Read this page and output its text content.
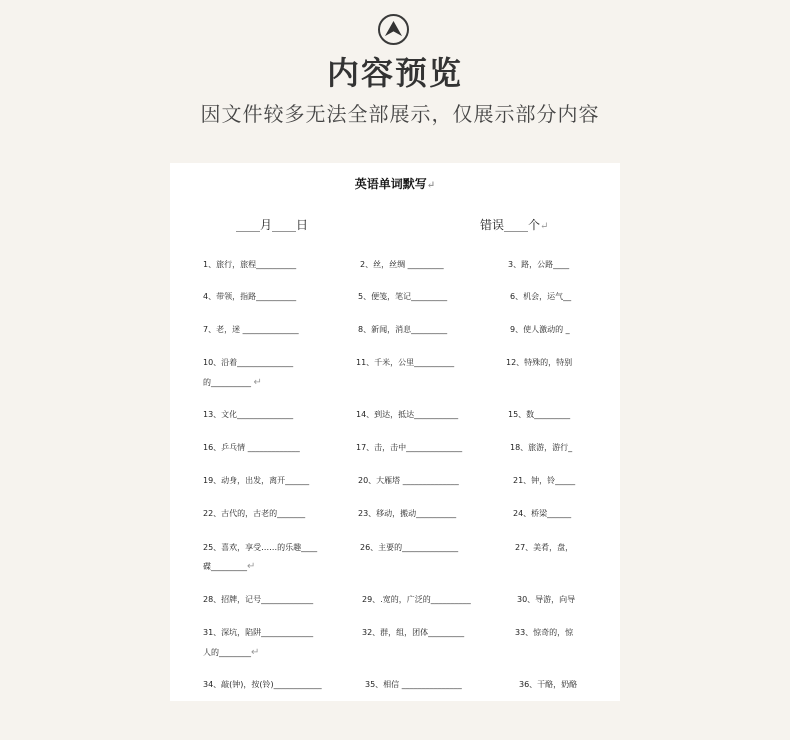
内容预览
因文件较多无法全部展示，仅展示部分内容
英语单词默写↵
____月____日	错误____个↵
1、旅行，旅程__________	2、丝，丝绸 _________	3、路，公路____
4、带领，指路__________	5、便笺，笔记_________	6、机会，运气__
7、老，迷 ______________	8、新闻，消息_________	9、使人激动的 _
10、沿着______________	11、千米，公里__________	12、特殊的，特别
的__________ ↵
13、文化______________	14、到达，抵达___________	15、数_________
16、乒乓情 _____________	17、击，击中______________	18、旅游，游行_
19、动身，出发，离开______	20、大雁塔 ______________	21、钟，铃_____
22、古代的，古老的_______	23、移动，搬动__________	24、桥梁______
25、喜欢，享受……的乐趣____	26、主要的______________	27、美肴，盘，
碟_________↵
28、招牌，记号_____________	29、.宽的，广泛的__________	30、导游，向导
31、深坑，陷阱_____________	32、群，组，团体_________	33、惊奇的，惊
人的________↵
34、敲(钟)，按(铃)____________	35、相信 _______________	36、干酪，奶酪
